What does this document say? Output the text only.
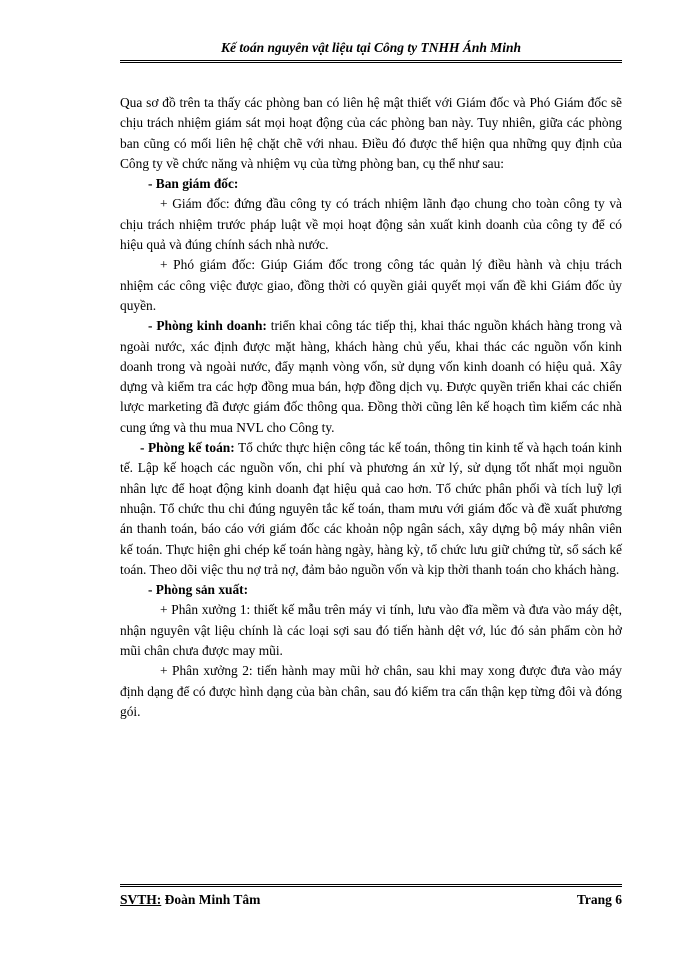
Kế toán nguyên vật liệu tại Công ty TNHH Ánh Minh

Qua sơ đồ trên ta thấy các phòng ban có liên hệ mật thiết với Giám đốc và Phó Giám đốc sẽ chịu trách nhiệm giám sát mọi hoạt động của các phòng ban này. Tuy nhiên, giữa các phòng ban cũng có mối liên hệ chặt chẽ với nhau. Điều đó được thể hiện qua những quy định của Công ty về chức năng và nhiệm vụ của từng phòng ban, cụ thể như sau:

- Ban giám đốc:

+ Giám đốc: đứng đầu công ty có trách nhiệm lãnh đạo chung cho toàn công ty và chịu trách nhiệm trước pháp luật về mọi hoạt động sản xuất kinh doanh của công ty để có hiệu quả và đúng chính sách nhà nước.

+ Phó giám đốc: Giúp Giám đốc trong công tác quản lý điều hành và chịu trách nhiệm các công việc được giao, đồng thời có quyền giải quyết mọi vấn đề khi Giám đốc ủy quyền.

- Phòng kinh doanh: triển khai công tác tiếp thị, khai thác nguồn khách hàng trong và ngoài nước, xác định được mặt hàng, khách hàng chủ yếu, khai thác các nguồn vốn kinh doanh trong và ngoài nước, đẩy mạnh vòng vốn, sử dụng vốn kinh doanh có hiệu quả. Xây dựng và kiểm tra các hợp đồng mua bán, hợp đồng dịch vụ. Được quyền triển khai các chiến lược marketing đã được giám đốc thông qua. Đồng thời cũng lên kế hoạch tìm kiếm các nhà cung ứng và thu mua NVL cho Công ty.

- Phòng kế toán: Tổ chức thực hiện công tác kế toán, thông tin kinh tế và hạch toán kinh tế. Lập kế hoạch các nguồn vốn, chi phí và phương án xử lý, sử dụng tốt nhất mọi nguồn nhân lực để hoạt động kinh doanh đạt hiệu quả cao hơn. Tổ chức phân phối và tích luỹ lợi nhuận. Tổ chức thu chi đúng nguyên tắc kế toán, tham mưu với giám đốc và đề xuất phương án thanh toán, báo cáo với giám đốc các khoản nộp ngân sách, xây dựng bộ máy nhân viên kế toán. Thực hiện ghi chép kế toán hàng ngày, hàng kỳ, tổ chức lưu giữ chứng từ, sổ sách kế toán. Theo dõi việc thu nợ trả nợ, đảm bảo nguồn vốn và kịp thời thanh toán cho khách hàng.

- Phòng sản xuất:

+ Phân xưởng 1: thiết kế mẫu trên máy vi tính, lưu vào đĩa mềm và đưa vào máy dệt, nhận nguyên vật liệu chính là các loại sợi sau đó tiến hành dệt vớ, lúc đó sản phẩm còn hở mũi chân chưa được may mũi.

+ Phân xưởng 2: tiến hành may mũi hở chân, sau khi may xong được đưa vào máy định dạng để có được hình dạng của bàn chân, sau đó kiểm tra cẩn thận kẹp từng đôi và đóng gói.

SVTH: Đoàn Minh Tâm	Trang 6
